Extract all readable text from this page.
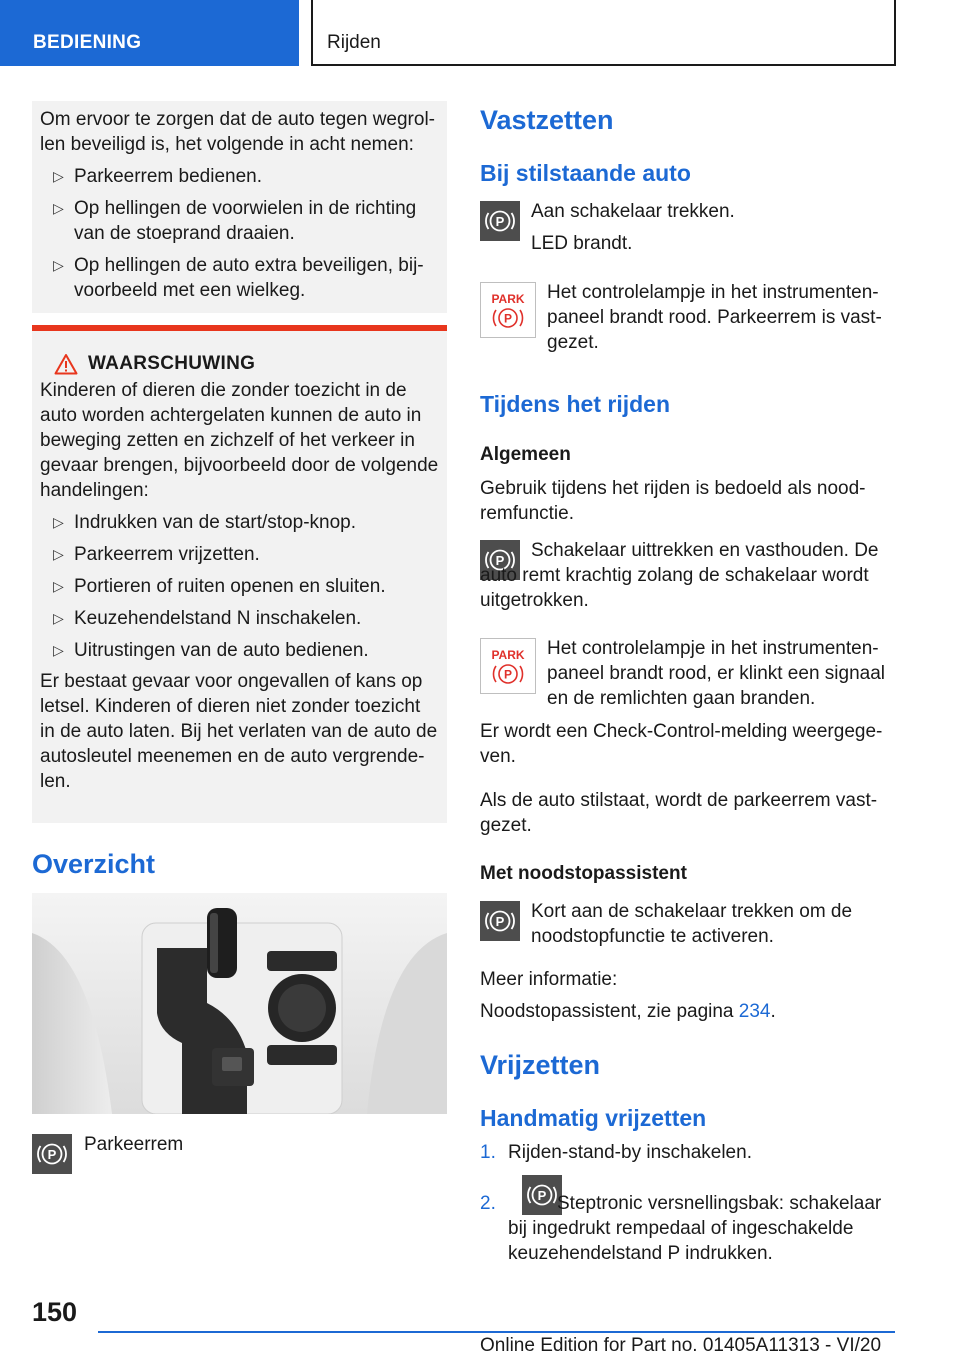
BEDIENING	Rijden
Om ervoor te zorgen dat de auto tegen wegrol-
len beveiligd is, het volgende in acht nemen:
▷ Parkeerrem bedienen.
▷ Op hellingen de voorwielen in de richting van de stoeprand draaien.
▷ Op hellingen de auto extra beveiligen, bij-voorbeeld met een wielkeg.
WAARSCHUWING
Kinderen of dieren die zonder toezicht in de auto worden achtergelaten kunnen de auto in beweging zetten en zichzelf of het verkeer in gevaar brengen, bijvoorbeeld door de volgende handelingen:
▷ Indrukken van de start/stop-knop.
▷ Parkeerrem vrijzetten.
▷ Portieren of ruiten openen en sluiten.
▷ Keuzehendelstand N inschakelen.
▷ Uitrustingen van de auto bedienen.
Er bestaat gevaar voor ongevallen of kans op letsel. Kinderen of dieren niet zonder toezicht in de auto laten. Bij het verlaten van de auto de autosleutel meenemen en de auto vergrende-len.
Overzicht
P Parkeerrem
Vastzetten
Bij stilstaande auto
P Aan schakelaar trekken.
LED brandt.
PARK
P
Het controlelampje in het instrumenten-paneel brandt rood. Parkeerrem is vast-gezet.
Tijdens het rijden
Algemeen
Gebruik tijdens het rijden is bedoeld als nood-remfunctie.
P	Schakelaar uittrekken en vasthouden. De auto remt krachtig zolang de schakelaar wordt uitgetrokken.
PARK
P
Het controlelampje in het instrumenten-paneel brandt rood, er klinkt een signaal en de remlichten gaan branden.
Er wordt een Check-Control-melding weergege-ven.
Als de auto stilstaat, wordt de parkeerrem vast-gezet.
Met noodstopassistent
P Kort aan de schakelaar trekken om de noodstopfunctie te activeren.
Meer informatie:
Noodstopassistent, zie pagina 234.
Vrijzetten
Handmatig vrijzetten
1. Rijden-stand-by inschakelen.
P
2.	Steptronic versnellingsbak: schakelaar bij ingedrukt rempedaal of ingeschakelde keuzehendelstand P indrukken.
150
Online Edition for Part no. 01405A11313 - VI/20
